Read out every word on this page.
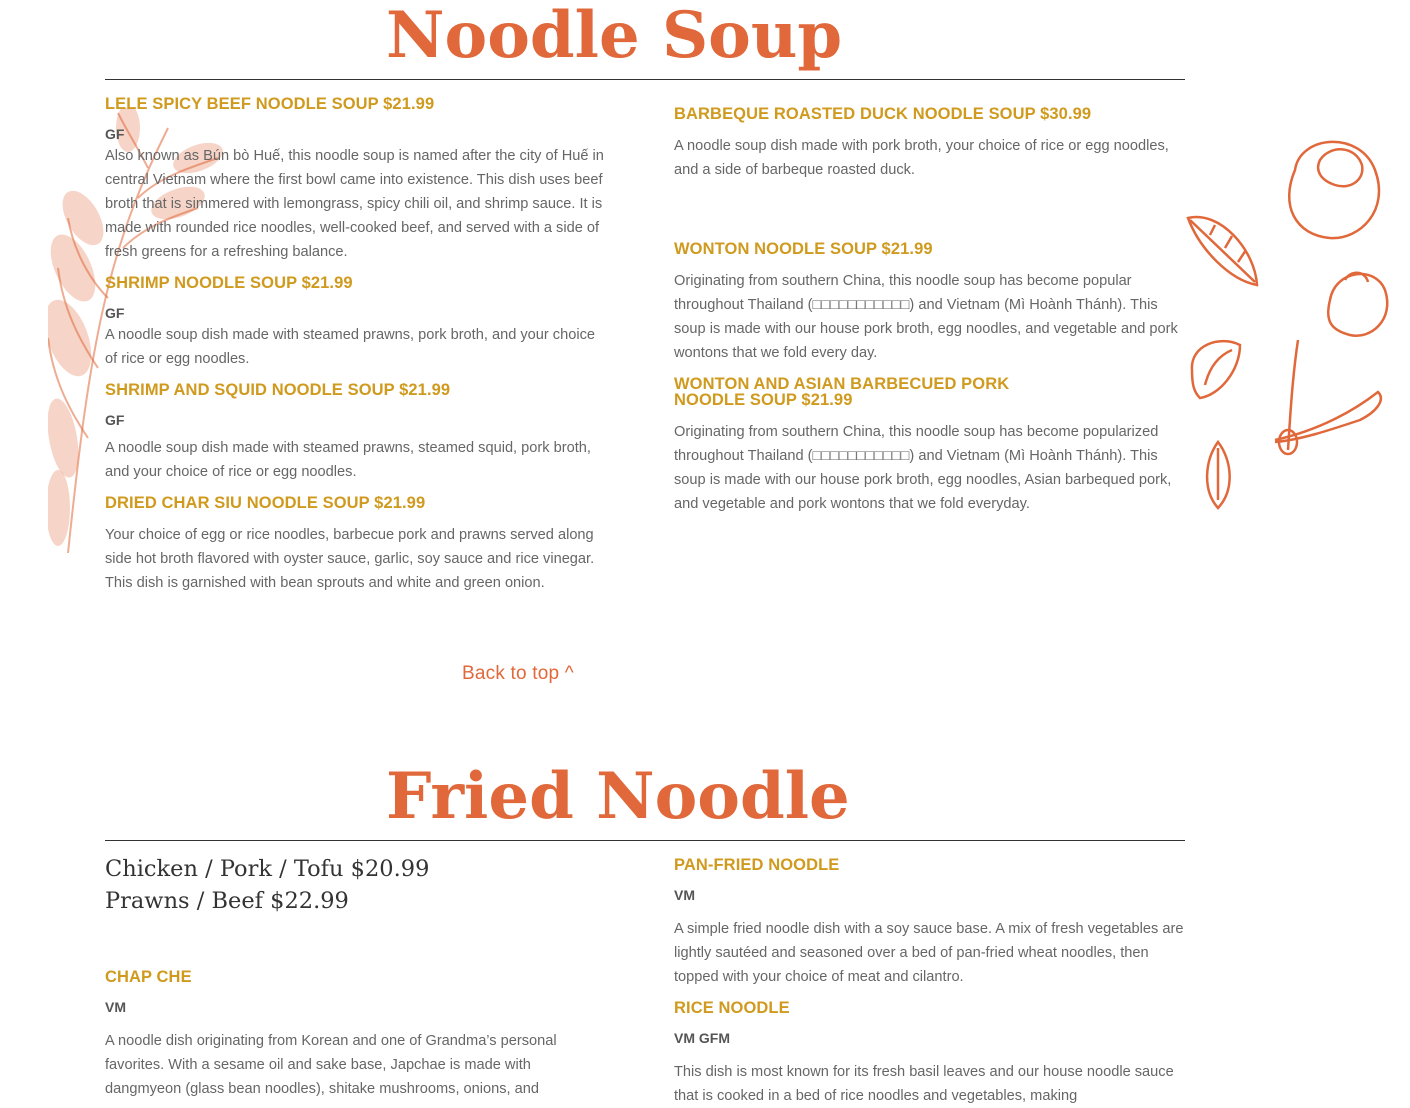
Noodle Soup
LELE SPICY BEEF NOODLE SOUP $21.99

GF

Also known as Bún bò Huế, this noodle soup is named after the city of Huế in central Vietnam where the first bowl came into existence. This dish uses beef broth that is simmered with lemongrass, spicy chili oil, and shrimp sauce. It is made with rounded rice noodles, well-cooked beef, and served with a side of fresh greens for a refreshing balance.

SHRIMP NOODLE SOUP $21.99

GF

A noodle soup dish made with steamed prawns, pork broth, and your choice of rice or egg noodles.

SHRIMP AND SQUID NOODLE SOUP $21.99

GF

A noodle soup dish made with steamed prawns, steamed squid, pork broth, and your choice of rice or egg noodles.

DRIED CHAR SIU NOODLE SOUP $21.99

Your choice of egg or rice noodles, barbecue pork and prawns served along side hot broth flavored with oyster sauce, garlic, soy sauce and rice vinegar. This dish is garnished with bean sprouts and white and green onion.

BARBEQUE ROASTED DUCK NOODLE SOUP $30.99

A noodle soup dish made with pork broth, your choice of rice or egg noodles, and a side of barbeque roasted duck.

WONTON NOODLE SOUP $21.99

Originating from southern China, this noodle soup has become popular throughout Thailand (□□□□□□□□□□□) and Vietnam (Mì Hoành Thánh). This soup is made with our house pork broth, egg noodles, and vegetable and pork wontons that we fold every day.

WONTON AND ASIAN BARBECUED PORK
NOODLE SOUP $21.99

Originating from southern China, this noodle soup has become popularized throughout Thailand (□□□□□□□□□□□) and Vietnam (Mì Hoành Thánh). This soup is made with our house pork broth, egg noodles, Asian barbequed pork, and vegetable and pork wontons that we fold everyday.

Back to top ^
Fried Noodle

Chicken / Pork / Tofu $20.99

Prawns / Beef $22.99

CHAP CHE

VM

A noodle dish originating from Korean and one of Grandma’s personal favorites. With a sesame oil and sake base, Japchae is made with dangmyeon (glass bean noodles), shitake mushrooms, onions, and

PAN-FRIED NOODLE

VM

A simple fried noodle dish with a soy sauce base. A mix of fresh vegetables are lightly sautéed and seasoned over a bed of pan-fried wheat noodles, then topped with your choice of meat and cilantro.

RICE NOODLE

VM GFM

This dish is most known for its fresh basil leaves and our house noodle sauce that is cooked in a bed of rice noodles and vegetables, making
